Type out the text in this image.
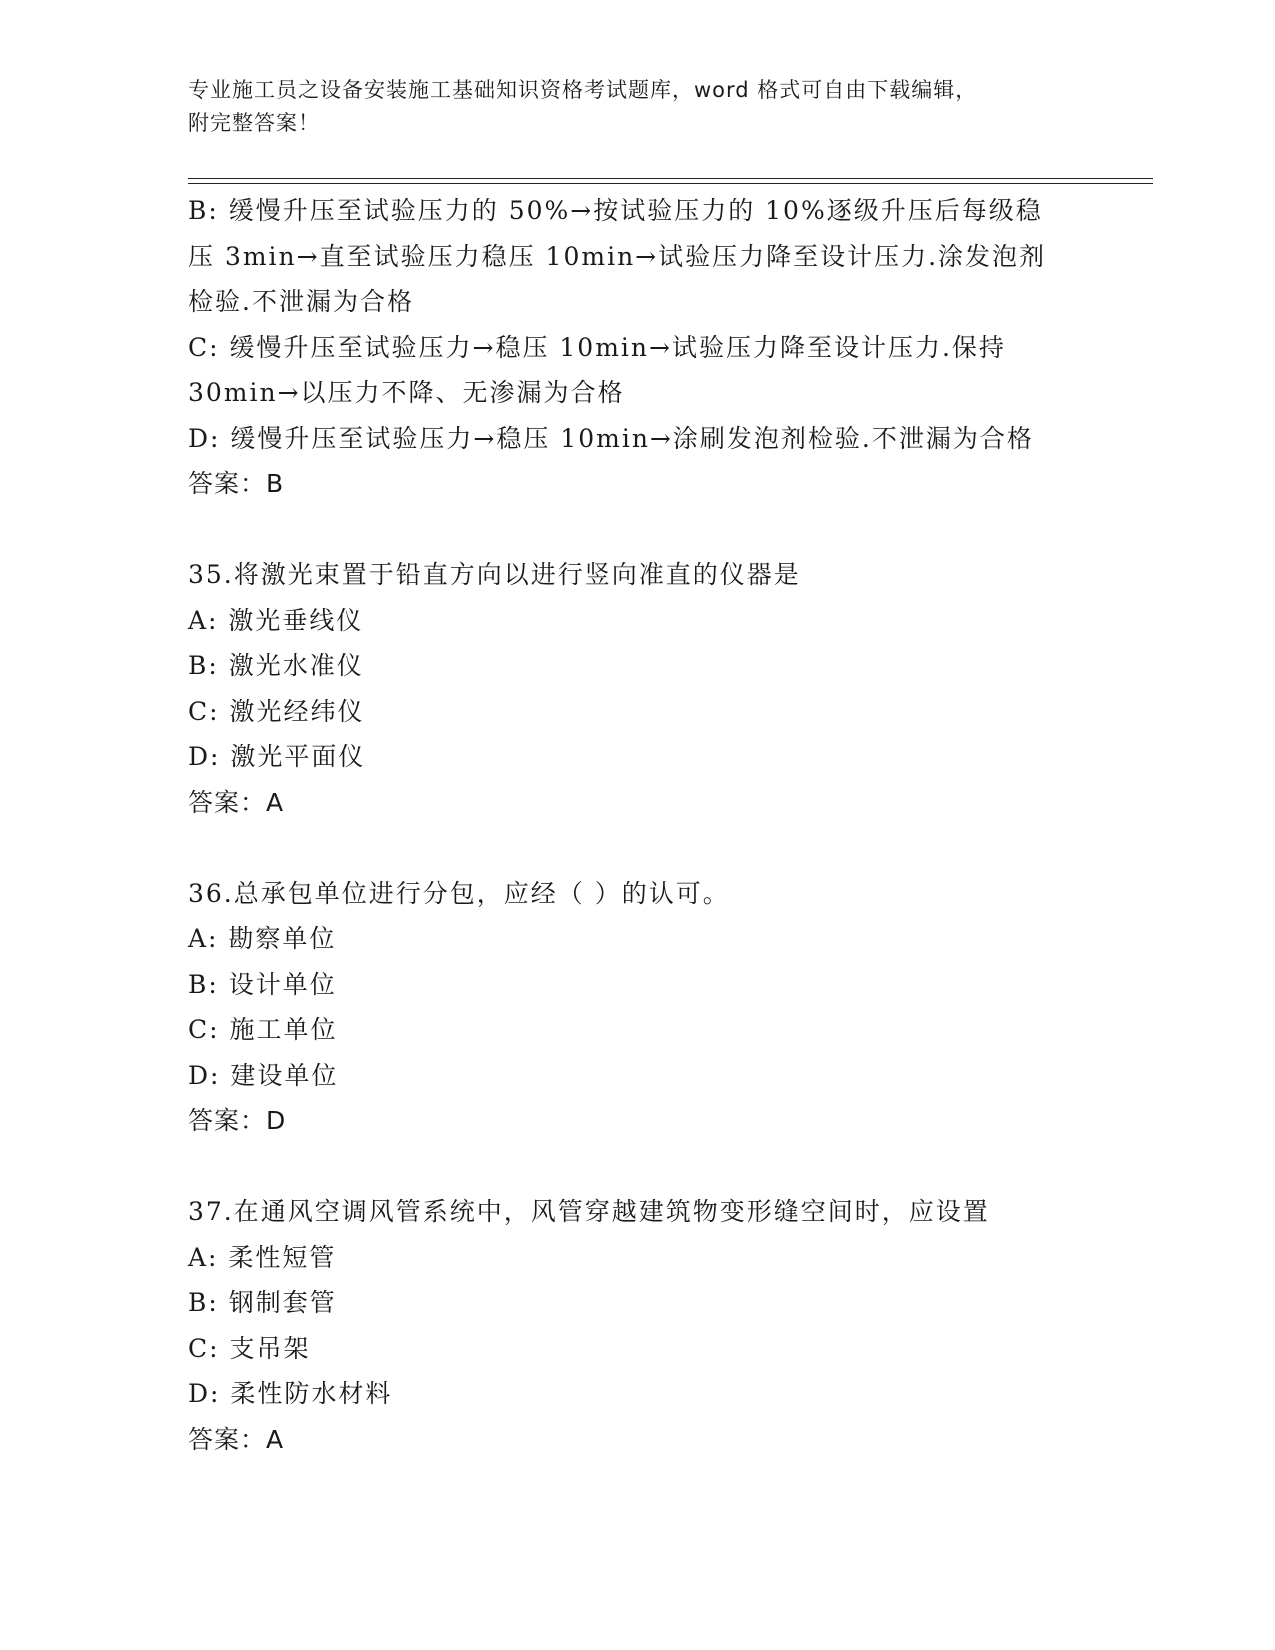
专业施工员之设备安装施工基础知识资格考试题库，word 格式可自由下载编辑，
附完整答案！
B: 缓慢升压至试验压力的 50%→按试验压力的 10%逐级升压后每级稳
压 3min→直至试验压力稳压 10min→试验压力降至设计压力.涂发泡剂
检验.不泄漏为合格
C: 缓慢升压至试验压力→稳压 10min→试验压力降至设计压力.保持
30min→以压力不降、无渗漏为合格
D: 缓慢升压至试验压力→稳压 10min→涂刷发泡剂检验.不泄漏为合格
答案：B
35.将激光束置于铅直方向以进行竖向准直的仪器是
A: 激光垂线仪
B: 激光水准仪
C: 激光经纬仪
D: 激光平面仪
答案：A
36.总承包单位进行分包，应经（ ）的认可。
A: 勘察单位
B: 设计单位
C: 施工单位
D: 建设单位
答案：D
37.在通风空调风管系统中，风管穿越建筑物变形缝空间时，应设置
A: 柔性短管
B: 钢制套管
C: 支吊架
D: 柔性防水材料
答案：A
